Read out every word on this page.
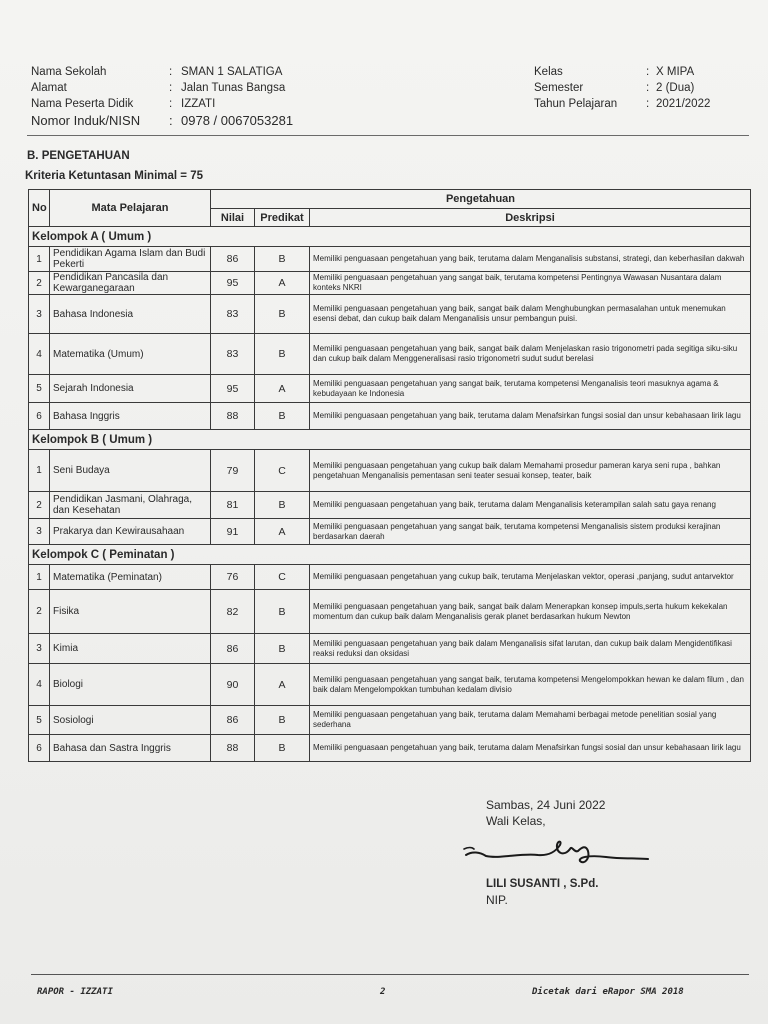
Nama Sekolah	: SMAN 1 SALATIGA
Alamat	: Jalan Tunas Bangsa
Nama Peserta Didik	: IZZATI
Nomor Induk/NISN	: 0978 / 0067053281
Kelas	: X MIPA
Semester	: 2 (Dua)
Tahun Pelajaran	: 2021/2022
B. PENGETAHUAN
Kriteria Ketuntasan Minimal = 75
No	Mata Pelajaran	Pengetahuan		
		Nilai	Predikat	Deskripsi
Kelompok A ( Umum )				
1	Pendidikan Agama Islam dan Budi Pekerti	86	B	Memiliki penguasaan pengetahuan yang baik, terutama dalam Menganalisis substansi, strategi, dan keberhasilan dakwah
2	Pendidikan Pancasila dan Kewarganegaraan	95	A	Memiliki penguasaan pengetahuan yang sangat baik, terutama kompetensi Pentingnya Wawasan Nusantara dalam konteks NKRI
3	Bahasa Indonesia	83	B	Memiliki penguasaan pengetahuan yang baik, sangat baik dalam Menghubungkan permasalahan untuk menemukan esensi debat, dan cukup baik dalam Menganalisis unsur pembangun puisi.
4	Matematika (Umum)	83	B	Memiliki penguasaan pengetahuan yang baik, sangat baik dalam Menjelaskan rasio trigonometri pada segitiga siku-siku dan cukup baik dalam Menggeneralisasi rasio trigonometri sudut sudut berelasi
5	Sejarah Indonesia	95	A	Memiliki penguasaan pengetahuan yang sangat baik, terutama kompetensi Menganalisis teori masuknya agama & kebudayaan ke Indonesia
6	Bahasa Inggris	88	B	Memiliki penguasaan pengetahuan yang baik, terutama dalam Menafsirkan fungsi sosial dan unsur kebahasaan lirik lagu
Kelompok B ( Umum )				
1	Seni Budaya	79	C	Memiliki penguasaan pengetahuan yang cukup baik dalam Memahami prosedur pameran karya seni rupa , bahkan pengetahuan Menganalisis pementasan seni teater sesuai konsep, teater, baik
2	Pendidikan Jasmani, Olahraga, dan Kesehatan	81	B	Memiliki penguasaan pengetahuan yang baik, terutama dalam Menganalisis keterampilan salah satu gaya renang
3	Prakarya dan Kewirausahaan	91	A	Memiliki penguasaan pengetahuan yang sangat baik, terutama kompetensi Menganalisis sistem produksi kerajinan berdasarkan daerah
Kelompok C ( Peminatan )				
1	Matematika (Peminatan)	76	C	Memiliki penguasaan pengetahuan yang cukup baik, terutama Menjelaskan vektor, operasi ,panjang, sudut antarvektor
2	Fisika	82	B	Memiliki penguasaan pengetahuan yang baik, sangat baik dalam Menerapkan konsep impuls,serta hukum kekekalan momentum dan cukup baik dalam Menganalisis gerak planet berdasarkan hukum Newton
3	Kimia	86	B	Memiliki penguasaan pengetahuan yang baik dalam Menganalisis sifat larutan, dan cukup baik dalam Mengidentifikasi reaksi reduksi dan oksidasi
4	Biologi	90	A	Memiliki penguasaan pengetahuan yang sangat baik, terutama kompetensi Mengelompokkan hewan ke dalam filum , dan baik dalam Mengelompokkan tumbuhan kedalam divisio
5	Sosiologi	86	B	Memiliki penguasaan pengetahuan yang baik, terutama dalam Memahami berbagai metode penelitian sosial yang sederhana
6	Bahasa dan Sastra Inggris	88	B	Memiliki penguasaan pengetahuan yang baik, terutama dalam Menafsirkan fungsi sosial dan unsur kebahasaan lirik lagu
Sambas, 24 Juni 2022
Wali Kelas,
LILI SUSANTI , S.Pd.
NIP.
RAPOR - IZZATI	2	Dicetak dari eRapor SMA 2018
